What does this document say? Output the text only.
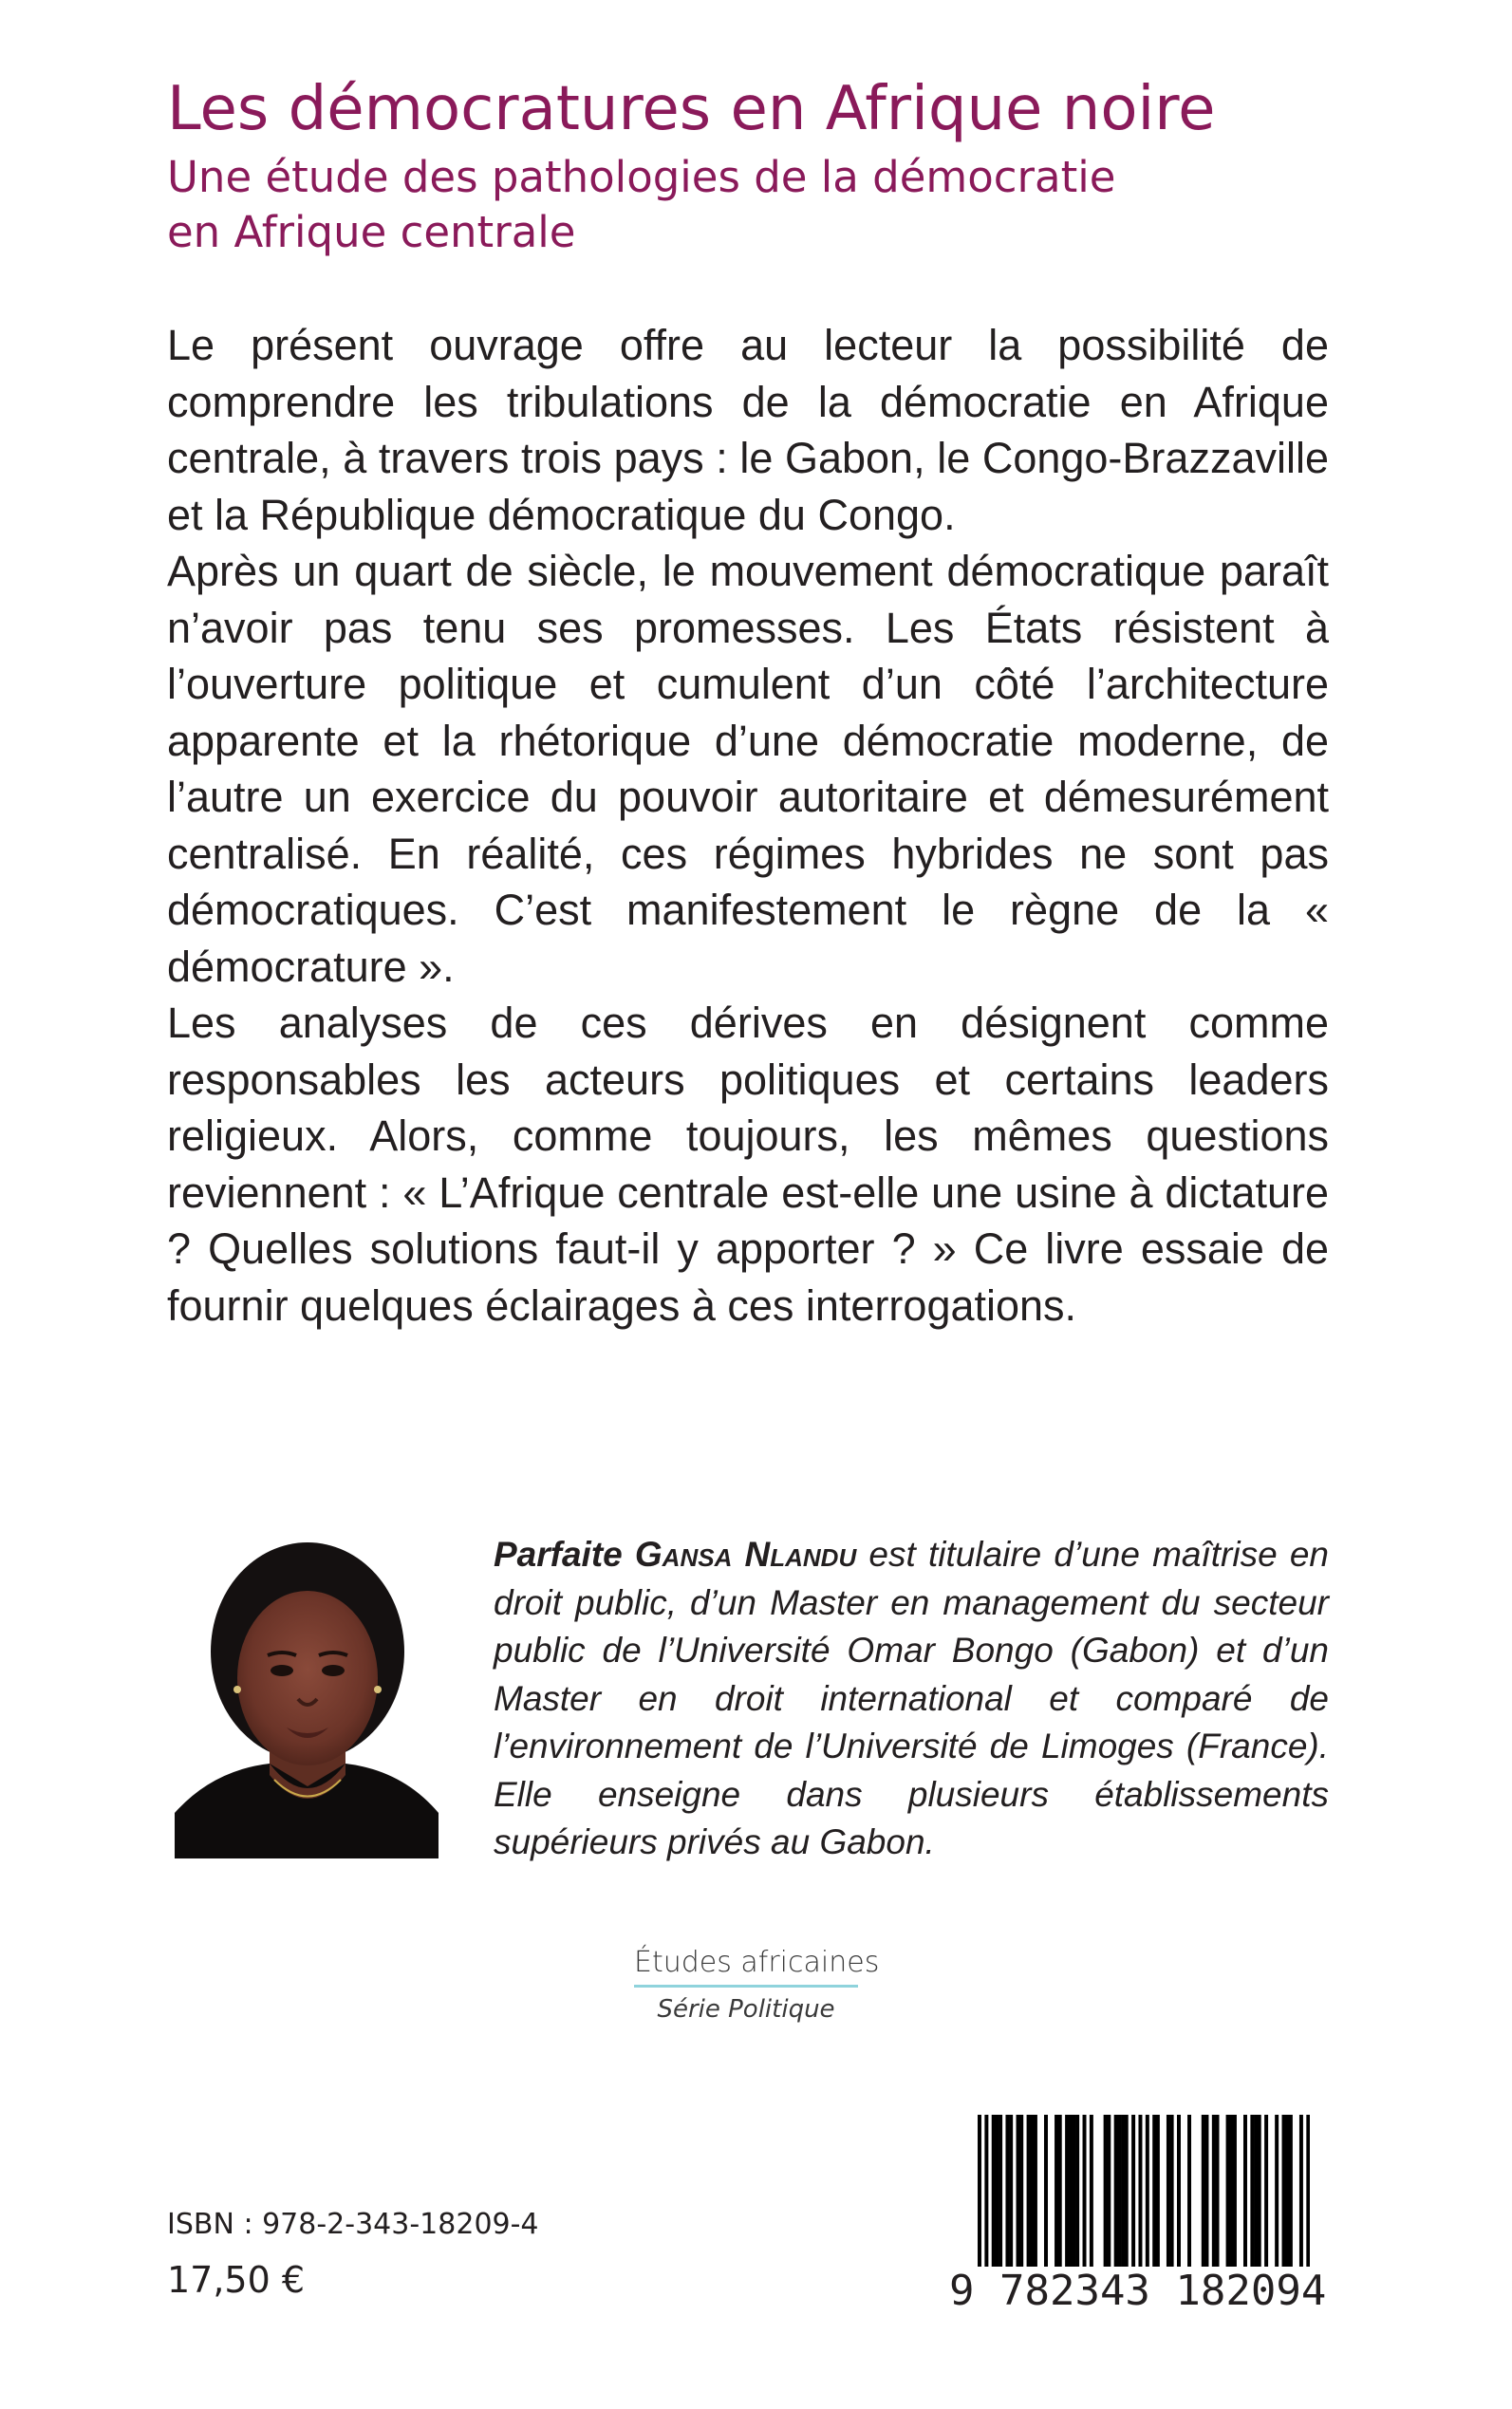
Les démocratures en Afrique noire
Une étude des pathologies de la démocratie
en Afrique centrale

Le présent ouvrage offre au lecteur la possibilité de comprendre les tribulations de la démocratie en Afrique centrale, à travers trois pays : le Gabon, le Congo-Brazzaville et la République démocratique du Congo.

Après un quart de siècle, le mouvement démocratique paraît n’avoir pas tenu ses promesses. Les États résistent à l’ouverture politique et cumulent d’un côté l’architecture apparente et la rhétorique d’une démocratie moderne, de l’autre un exercice du pouvoir autoritaire et démesurément centralisé. En réalité, ces régimes hybrides ne sont pas démocratiques. C’est manifestement le règne de la « démocrature ».

Les analyses de ces dérives en désignent comme responsables les acteurs politiques et certains leaders religieux. Alors, comme toujours, les mêmes questions reviennent : « L’Afrique centrale est-elle une usine à dictature ? Quelles solutions faut-il y apporter ? » Ce livre essaie de fournir quelques éclairages à ces interrogations.

Parfaite Gansa Nlandu est titulaire d’une maîtrise en droit public, d’un Master en management du secteur public de l’Université Omar Bongo (Gabon) et d’un Master en droit international et comparé de l’environnement de l’Université de Limoges (France). Elle enseigne dans plusieurs établissements supérieurs privés au Gabon.

Études africaines
Série Politique
ISBN : 978-2-343-18209-4
17,50 €	9 782343 182094
